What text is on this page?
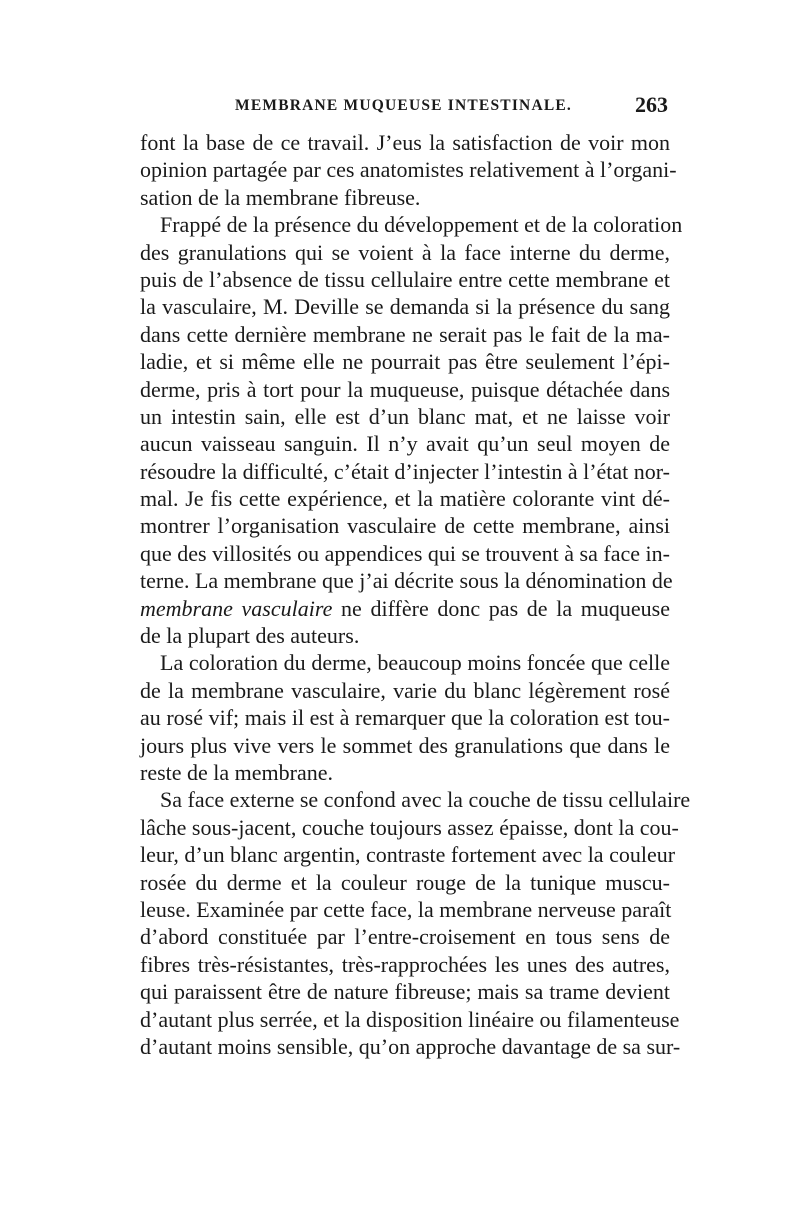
MEMBRANE MUQUEUSE INTESTINALE.	263
font la base de ce travail. J’eus la satisfaction de voir mon
opinion partagée par ces anatomistes relativement à l’organi-
sation de la membrane fibreuse.
Frappé de la présence du développement et de la coloration
des granulations qui se voient à la face interne du derme,
puis de l’absence de tissu cellulaire entre cette membrane et
la vasculaire, M. Deville se demanda si la présence du sang
dans cette dernière membrane ne serait pas le fait de la ma-
ladie, et si même elle ne pourrait pas être seulement l’épi-
derme, pris à tort pour la muqueuse, puisque détachée dans
un intestin sain, elle est d’un blanc mat, et ne laisse voir
aucun vaisseau sanguin. Il n’y avait qu’un seul moyen de
résoudre la difficulté, c’était d’injecter l’intestin à l’état nor-
mal. Je fis cette expérience, et la matière colorante vint dé-
montrer l’organisation vasculaire de cette membrane, ainsi
que des villosités ou appendices qui se trouvent à sa face in-
terne. La membrane que j’ai décrite sous la dénomination de
membrane vasculaire ne diffère donc pas de la muqueuse
de la plupart des auteurs.
La coloration du derme, beaucoup moins foncée que celle
de la membrane vasculaire, varie du blanc légèrement rosé
au rosé vif; mais il est à remarquer que la coloration est tou-
jours plus vive vers le sommet des granulations que dans le
reste de la membrane.
Sa face externe se confond avec la couche de tissu cellulaire
lâche sous-jacent, couche toujours assez épaisse, dont la cou-
leur, d’un blanc argentin, contraste fortement avec la couleur
rosée du derme et la couleur rouge de la tunique muscu-
leuse. Examinée par cette face, la membrane nerveuse paraît
d’abord constituée par l’entre-croisement en tous sens de
fibres très-résistantes, très-rapprochées les unes des autres,
qui paraissent être de nature fibreuse; mais sa trame devient
d’autant plus serrée, et la disposition linéaire ou filamenteuse
d’autant moins sensible, qu’on approche davantage de sa sur-
